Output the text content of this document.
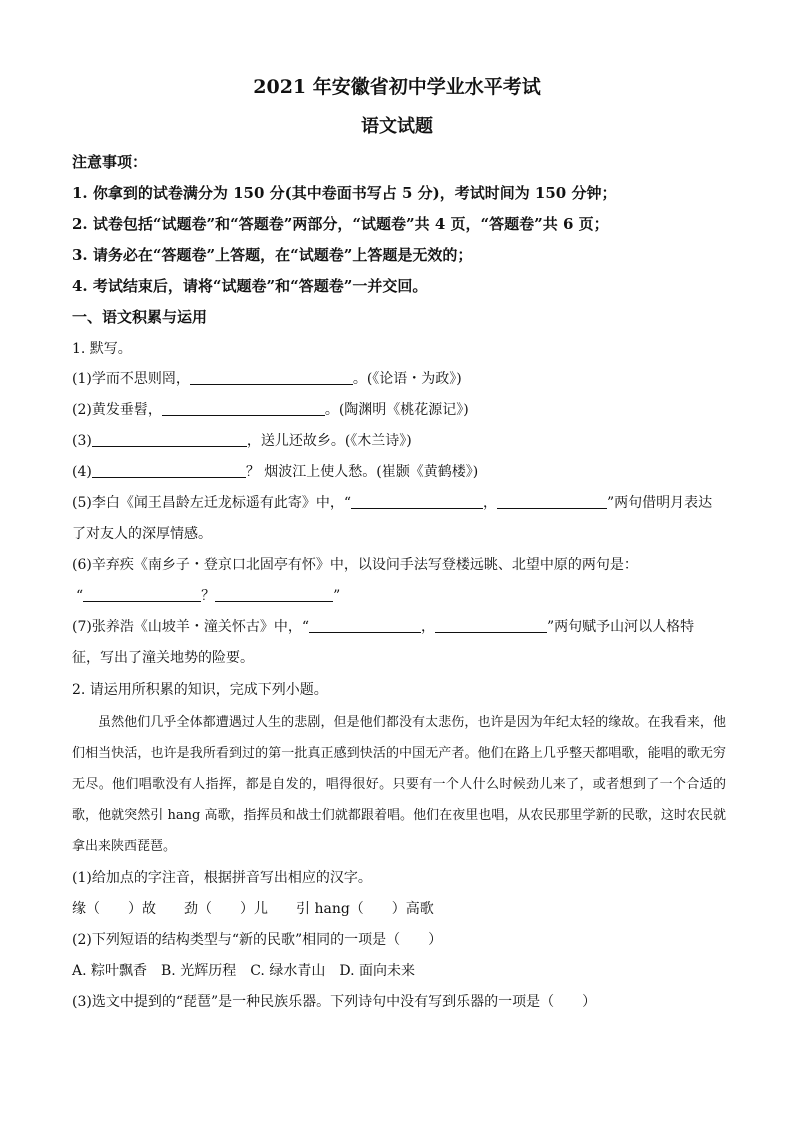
2021 年安徽省初中学业水平考试
语文试题
注意事项：
1. 你拿到的试卷满分为 150 分(其中卷面书写占 5 分)，考试时间为 150 分钟；
2. 试卷包括“试题卷”和“答题卷”两部分，“试题卷”共 4 页，“答题卷”共 6 页；
3. 请务必在“答题卷”上答题，在“试题卷”上答题是无效的；
4. 考试结束后，请将“试题卷”和“答题卷”一并交回。
一、语文积累与运用
1. 默写。
(1)学而不思则罔，	。(《论语・为政》)
(2)黄发垂髫，	。(陶渊明《桃花源记》)
(3)	，送儿还故乡。(《木兰诗》)
(4)	？ 烟波江上使人愁。(崔颢《黄鹤楼》)
(5)李白《闻王昌龄左迁龙标遥有此寄》中，“	，	”两句借明月表达
了对友人的深厚情感。
(6)辛弃疾《南乡子・登京口北固亭有怀》中，以设问手法写登楼远眺、北望中原的两句是：
“	？	”
(7)张养浩《山坡羊・潼关怀古》中，“	，	”两句赋予山河以人格特
征，写出了潼关地势的险要。
2. 请运用所积累的知识，完成下列小题。
虽然他们几乎全体都遭遇过人生的悲剧，但是他们都没有太悲伤，也许是因为年纪太轻的缘故。在我看来，他们相当快活，也许是我所看到过的第一批真正感到快活的中国无产者。他们在路上几乎整天都唱歌，能唱的歌无穷无尽。他们唱歌没有人指挥，都是自发的，唱得很好。只要有一个人什么时候劲儿来了，或者想到了一个合适的歌，他就突然引 hang 高歌，指挥员和战士们就都跟着唱。他们在夜里也唱，从农民那里学新的民歌，这时农民就拿出来陕西琵琶。
(1)给加点的字注音，根据拼音写出相应的汉字。
缘（　　）故 劲（　　）儿 引 hang（　　）高歌
(2)下列短语的结构类型与“新的民歌”相同的一项是（　　）
A. 粽叶飘香 B. 光辉历程 C. 绿水青山 D. 面向未来
(3)选文中提到的“琵琶”是一种民族乐器。下列诗句中没有写到乐器的一项是（　　）
